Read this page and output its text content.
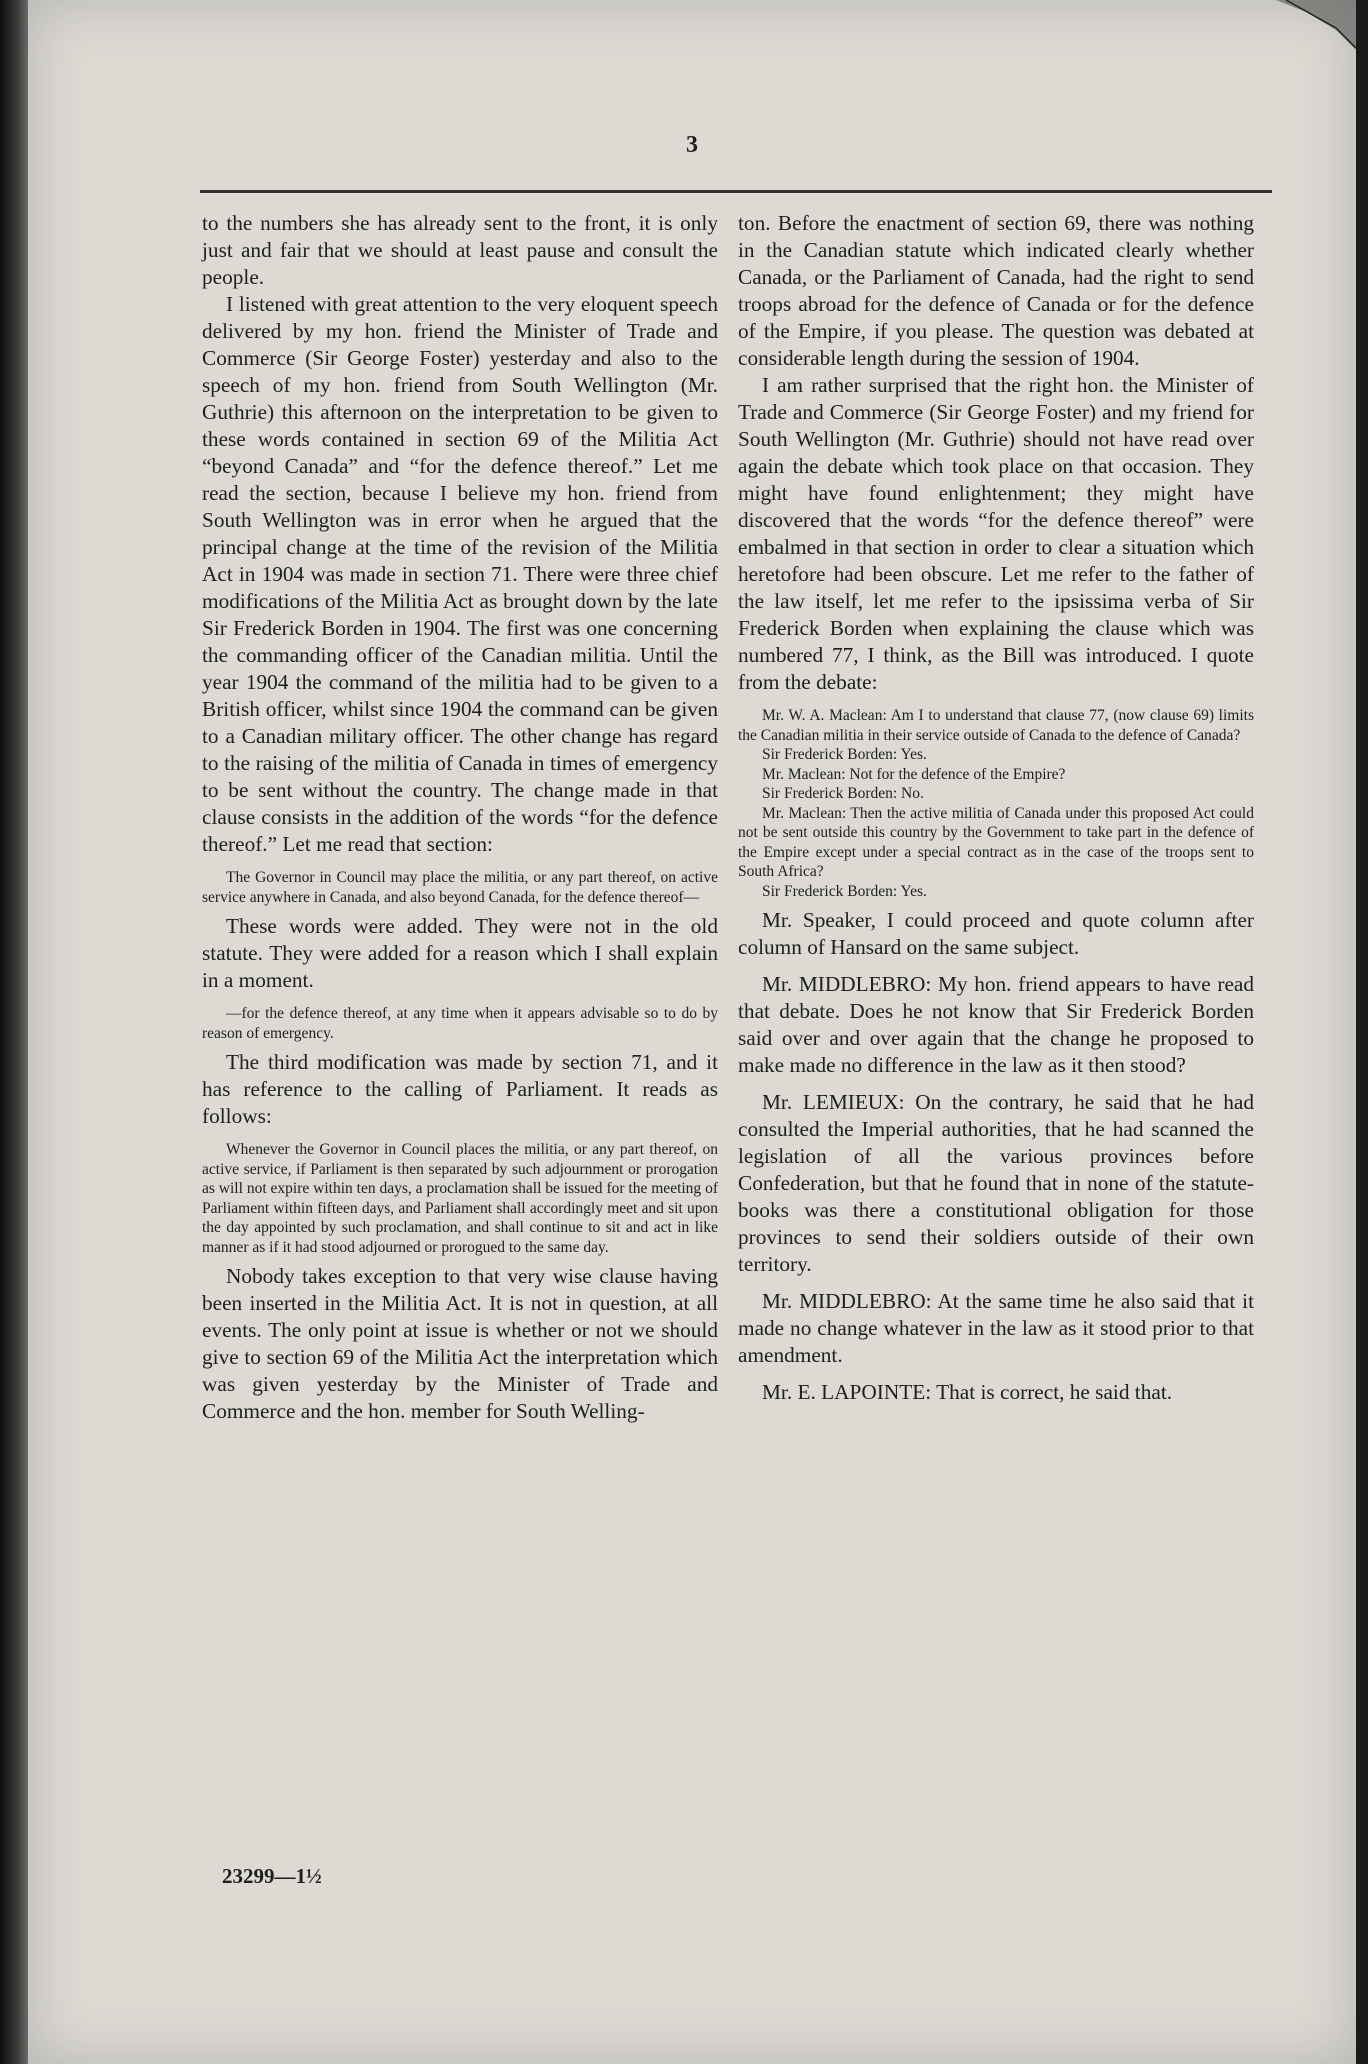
3

to the numbers she has already sent to the front, it is only just and fair that we should at least pause and consult the people.

I listened with great attention to the very eloquent speech delivered by my hon. friend the Minister of Trade and Commerce (Sir George Foster) yesterday and also to the speech of my hon. friend from South Wellington (Mr. Guthrie) this afternoon on the interpretation to be given to these words contained in section 69 of the Militia Act “beyond Canada” and “for the defence thereof.” Let me read the section, because I believe my hon. friend from South Wellington was in error when he argued that the principal change at the time of the revision of the Militia Act in 1904 was made in section 71. There were three chief modifications of the Militia Act as brought down by the late Sir Frederick Borden in 1904. The first was one concerning the commanding officer of the Canadian militia. Until the year 1904 the command of the militia had to be given to a British officer, whilst since 1904 the command can be given to a Canadian military officer. The other change has regard to the raising of the militia of Canada in times of emergency to be sent without the country. The change made in that clause consists in the addition of the words “for the defence thereof.” Let me read that section:

The Governor in Council may place the militia, or any part thereof, on active service anywhere in Canada, and also beyond Canada, for the defence thereof—

These words were added. They were not in the old statute. They were added for a reason which I shall explain in a moment.

—for the defence thereof, at any time when it appears advisable so to do by reason of emergency.

The third modification was made by section 71, and it has reference to the calling of Parliament. It reads as follows:

Whenever the Governor in Council places the militia, or any part thereof, on active service, if Parliament is then separated by such adjournment or prorogation as will not expire within ten days, a proclamation shall be issued for the meeting of Parliament within fifteen days, and Parliament shall accordingly meet and sit upon the day appointed by such proclamation, and shall continue to sit and act in like manner as if it had stood adjourned or prorogued to the same day.

Nobody takes exception to that very wise clause having been inserted in the Militia Act. It is not in question, at all events. The only point at issue is whether or not we should give to section 69 of the Militia Act the interpretation which was given yesterday by the Minister of Trade and Commerce and the hon. member for South Welling-

ton. Before the enactment of section 69, there was nothing in the Canadian statute which indicated clearly whether Canada, or the Parliament of Canada, had the right to send troops abroad for the defence of Canada or for the defence of the Empire, if you please. The question was debated at considerable length during the session of 1904.

I am rather surprised that the right hon. the Minister of Trade and Commerce (Sir George Foster) and my friend for South Wellington (Mr. Guthrie) should not have read over again the debate which took place on that occasion. They might have found enlightenment; they might have discovered that the words “for the defence thereof” were embalmed in that section in order to clear a situation which heretofore had been obscure. Let me refer to the father of the law itself, let me refer to the ipsissima verba of Sir Frederick Borden when explaining the clause which was numbered 77, I think, as the Bill was introduced. I quote from the debate:

Mr. W. A. Maclean: Am I to understand that clause 77, (now clause 69) limits the Canadian militia in their service outside of Canada to the defence of Canada?
Sir Frederick Borden: Yes.
Mr. Maclean: Not for the defence of the Empire?
Sir Frederick Borden: No.
Mr. Maclean: Then the active militia of Canada under this proposed Act could not be sent outside this country by the Government to take part in the defence of the Empire except under a special contract as in the case of the troops sent to South Africa?
Sir Frederick Borden: Yes.

Mr. Speaker, I could proceed and quote column after column of Hansard on the same subject.

Mr. MIDDLEBRO: My hon. friend appears to have read that debate. Does he not know that Sir Frederick Borden said over and over again that the change he proposed to make made no difference in the law as it then stood?

Mr. LEMIEUX: On the contrary, he said that he had consulted the Imperial authorities, that he had scanned the legislation of all the various provinces before Confederation, but that he found that in none of the statute-books was there a constitutional obligation for those provinces to send their soldiers outside of their own territory.

Mr. MIDDLEBRO: At the same time he also said that it made no change whatever in the law as it stood prior to that amendment.

Mr. E. LAPOINTE: That is correct, he said that.

23299—1½
